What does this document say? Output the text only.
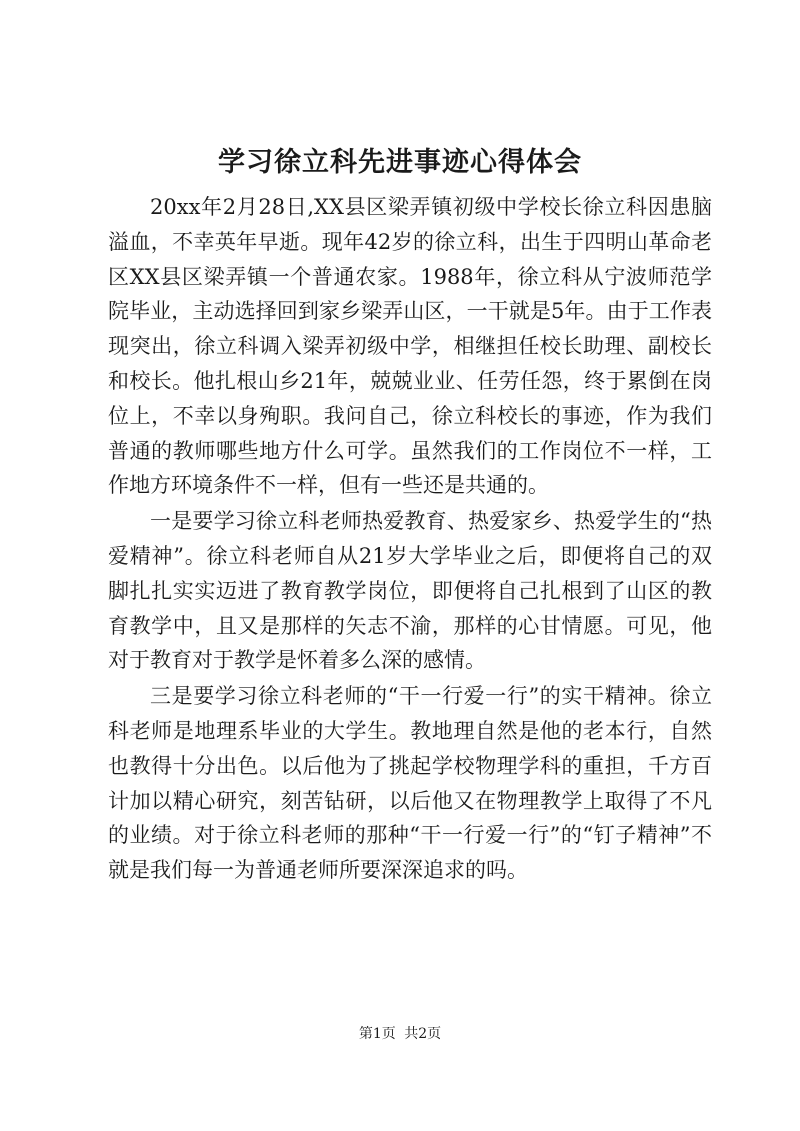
学习徐立科先进事迹心得体会

20xx年2月28日,XX县区梁弄镇初级中学校长徐立科因患脑溢血，不幸英年早逝。现年42岁的徐立科，出生于四明山革命老区XX县区梁弄镇一个普通农家。1988年，徐立科从宁波师范学院毕业，主动选择回到家乡梁弄山区，一干就是5年。由于工作表现突出，徐立科调入梁弄初级中学，相继担任校长助理、副校长和校长。他扎根山乡21年，兢兢业业、任劳任怨，终于累倒在岗位上，不幸以身殉职。我问自己，徐立科校长的事迹，作为我们普通的教师哪些地方什么可学。虽然我们的工作岗位不一样，工作地方环境条件不一样，但有一些还是共通的。

一是要学习徐立科老师热爱教育、热爱家乡、热爱学生的“热爱精神”。徐立科老师自从21岁大学毕业之后，即便将自己的双脚扎扎实实迈进了教育教学岗位，即便将自己扎根到了山区的教育教学中，且又是那样的矢志不渝，那样的心甘情愿。可见，他对于教育对于教学是怀着多么深的感情。

三是要学习徐立科老师的“干一行爱一行”的实干精神。徐立科老师是地理系毕业的大学生。教地理自然是他的老本行，自然也教得十分出色。以后他为了挑起学校物理学科的重担，千方百计加以精心研究，刻苦钻研，以后他又在物理教学上取得了不凡的业绩。对于徐立科老师的那种“干一行爱一行”的“钉子精神”不就是我们每一为普通老师所要深深追求的吗。

第1页 共2页
